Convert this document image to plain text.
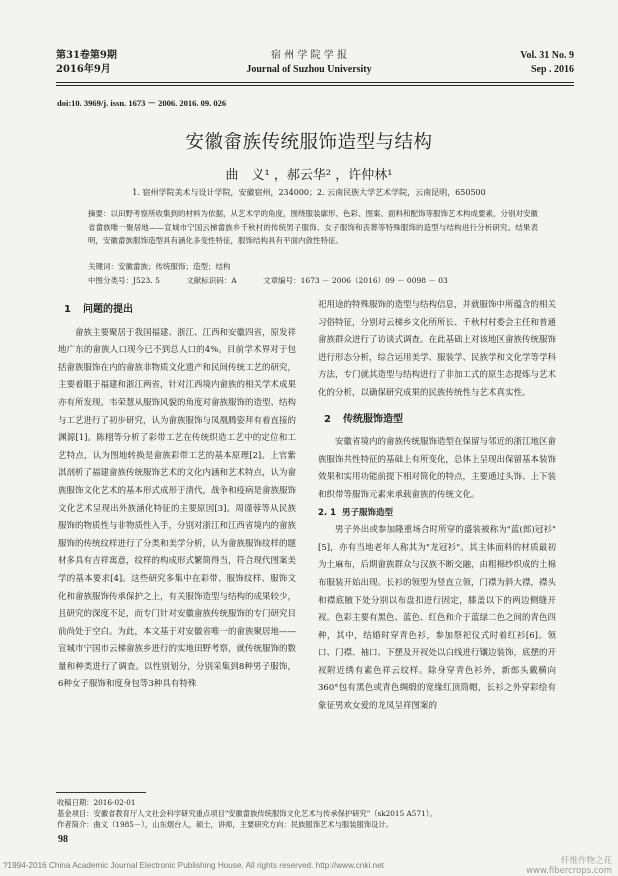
第31卷第9期
2016年9月
宿 州 学 院 学 报
Journal of Suzhou University
Vol. 31 No. 9
Sep . 2016
doi:10. 3969/j. issn. 1673 － 2006. 2016. 09. 026
安徽畲族传统服饰造型与结构
曲　义¹ ，郝云华² ，许仲林¹
1. 宿州学院美术与设计学院，安徽宿州，234000；2. 云南民族大学艺术学院，云南昆明，650500
摘要：以田野考察所收集到的材料为依据，从艺术学的角度，围绕服装廓形、色彩、图案、面料和配饰等服饰艺术构成要素，分别对安徽省畲族唯一聚居地——宣城市宁国云梯畲族乡千秋村的传统男子服饰、女子服饰和丧葬等特殊服饰的造型与结构进行分析研究。结果表明，安徽畲族服饰造型具有涵化多变性特征，服饰结构具有平面内敛性特征。
关键词：安徽畲族；传统服饰；造型；结构
中图分类号：J523. 5	文献标识码：A	文章编号：1673 － 2006（2016）09 － 0098 － 03
1 问题的提出

畲族主要聚居于我国福建、浙江、江西和安徽四省，原发祥地广东的畲族人口现今已不到总人口的4%。目前学术界对于包括畲族服饰在内的畲族非物质文化遗产和民间传统工艺的研究，主要着眼于福建和浙江两省，针对江西境内畲族的相关学术成果亦有所发现。韦荣慧从服饰风貌的角度对畲族服饰的造型、结构与工艺进行了初步研究，认为畲族服饰与凤凰腾姿拜有着直接的渊源[1]。陈栩等分析了彩带工艺在传统织造工艺中的定位和工艺特点，认为图地转换是畲族彩带工艺的基本原理[2]。上官紫淇剖析了福建畲族传统服饰艺术的文化内涵和艺术特点，认为畲族服饰文化艺术的基本形式成形于清代，战争和疫病是畲族服饰文化艺术呈现出外族涵化特征的主要原因[3]。周谨蓉等从民族服饰的物质性与非物质性入手，分别对浙江和江西省境内的畲族服饰的传统纹样进行了分类和美学分析，认为畲族服饰纹样的题材多具有吉祥寓意，纹样的构成形式繁简得当，符合现代图案美学的基本要求[4]。这些研究多集中在彩带、服饰纹样、服饰文化和畲族服饰传承保护之上，有关服饰造型与结构的成果较少，且研究的深度不足，而专门针对安徽畲族传统服饰的专门研究目前尚处于空白。为此，本文基于对安徽省唯一的畲族聚居地——宣城市宁国市云梯畲族乡进行的实地田野考察，就传统服饰的数量和种类进行了调查。以性别划分，分别采集到8种男子服饰，6种女子服饰和度身包等3种具有特殊

祀用途的特殊服饰的造型与结构信息，并就服饰中所蕴含的相关习俗特征，分别对云梯乡文化所所长、千秋村村委会主任和普通畲族群众进行了访谈式调查。在此基础上对该地区畲族传统服饰进行形态分析，综合运用美学、服装学、民族学和文化学等学科方法，专门就其造型与结构进行了非加工式的原生态提炼与艺术化的分析，以确保研究成果的民族传统性与艺术真实性。

2 传统服饰造型

安徽省境内的畲族传统服饰造型在保留与邻近的浙江地区畲族服饰共性特征的基础上有所变化，总体上呈现出保留基本装饰效果和实用功能前提下相对简化的特点，主要通过头饰、上下装和织带等服饰元素来承载畲族的传统文化。

2. 1 男子服饰造型

男子外出或参加隆重场合时所穿的盛装被称为"蓝(郎)冠衫"[5]，亦有当地老年人称其为"龙冠衫"。其主体面料的材质最初为土麻布，后期畲族群众与汉族不断交融，由粗棉纱织成的土棉布服装开始出现。长衫的领型为竖直立领，门襟为斜大襟，襟头和襟底腋下处分别以布盘扣进行固定，膝盖以下的两边侧缝开衩。色彩主要有黑色、蓝色、红色和介于蓝绿二色之间的青色四种，其中，结婚时穿青色衫，参加祭祀仪式时着红衫[6]。领口、门襟、袖口、下摆及开衩处以白线进行镶边装饰，底摆的开衩附近绣有素色祥云纹样。除身穿青色衫外，新郎头戴横向360°包有黑色或青色绸缎的宽缘红顶筒帽，长衫之外穿彩绘有象征男欢女爱的龙凤呈祥图案的

收稿日期：2016-02-01
基金项目：安徽省教育厅人文社会科学研究重点项目"安徽畲族传统服饰文化艺术与传承保护研究"（sk2015 A571）。
作者简介：曲义（1985－），山东烟台人，硕士，讲师，主要研究方向：民族服饰艺术与服装服饰设计。
98
?1994-2016 China Academic Journal Electronic Publishing House. All rights reserved. http://www.cnki.net	纤维作物之花
www.fibercrops.com
